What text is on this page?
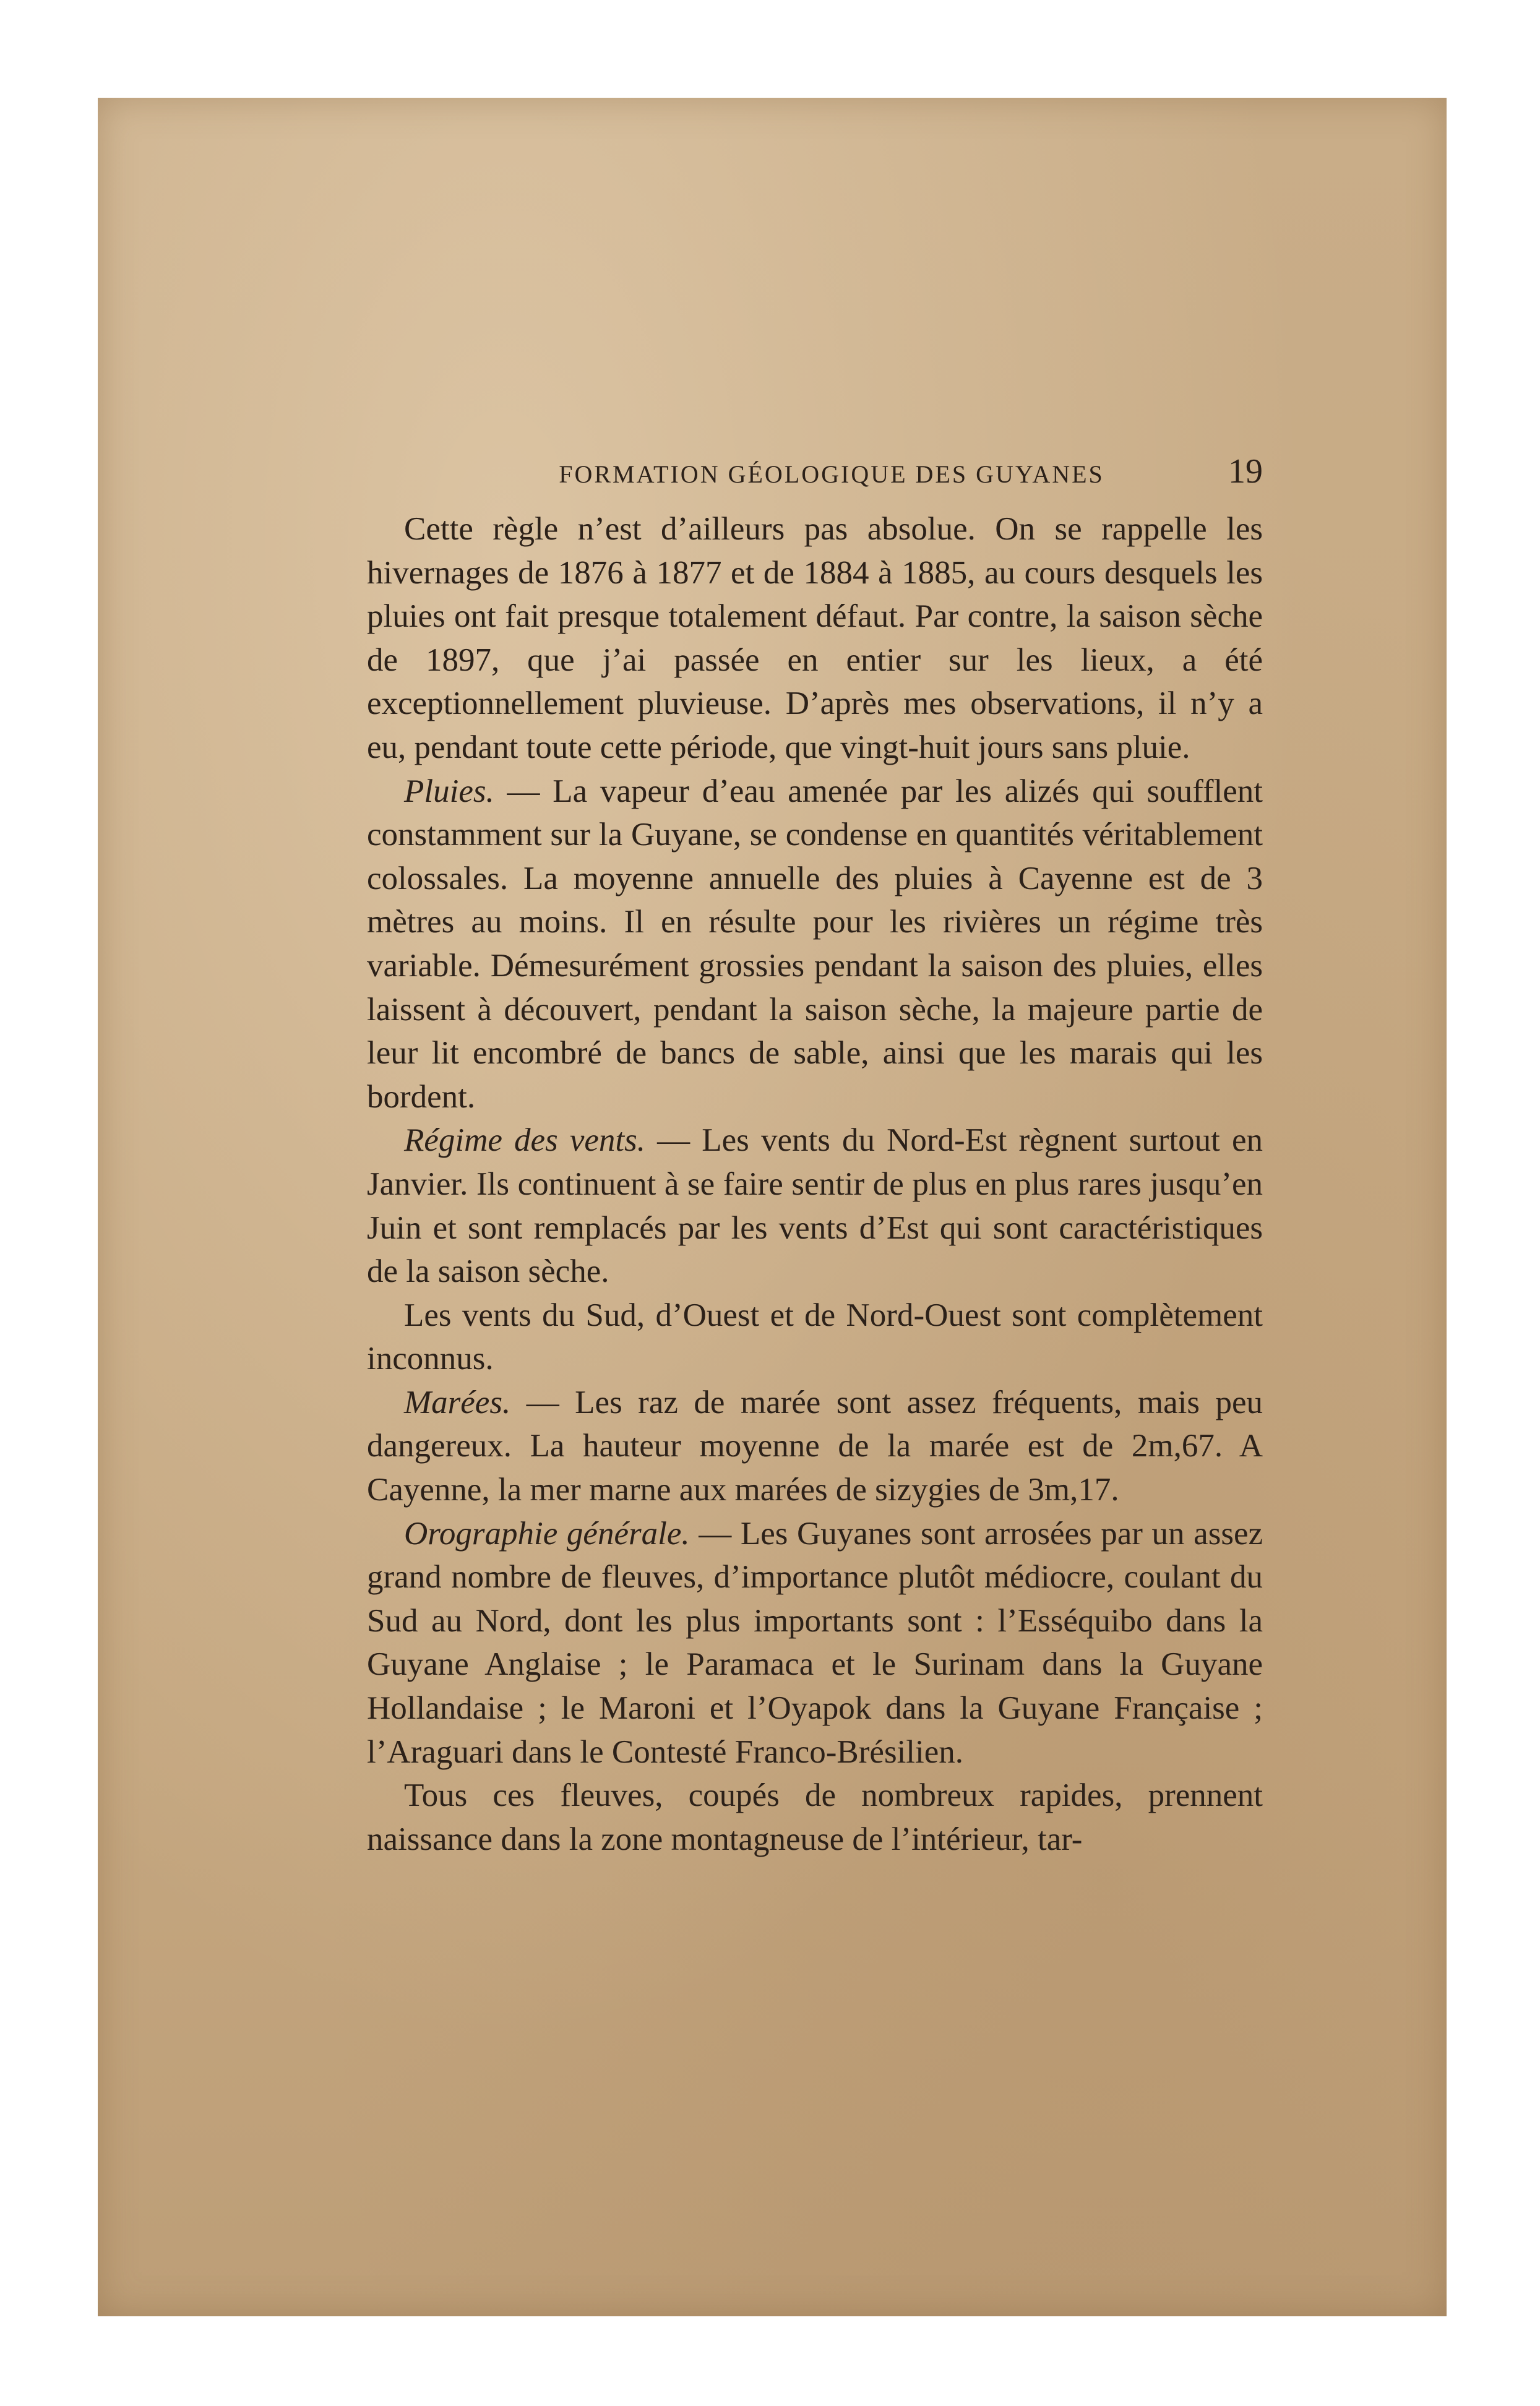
FORMATION GÉOLOGIQUE DES GUYANES	19

Cette règle n’est d’ailleurs pas absolue. On se rappelle les hivernages de 1876 à 1877 et de 1884 à 1885, au cours desquels les pluies ont fait presque totalement défaut. Par contre, la saison sèche de 1897, que j’ai passée en entier sur les lieux, a été exceptionnellement pluvieuse. D’après mes observations, il n’y a eu, pendant toute cette période, que vingt-huit jours sans pluie.

Pluies. — La vapeur d’eau amenée par les alizés qui soufflent constamment sur la Guyane, se condense en quantités véritablement colossales. La moyenne annuelle des pluies à Cayenne est de 3 mètres au moins. Il en résulte pour les rivières un régime très variable. Démesurément grossies pendant la saison des pluies, elles laissent à découvert, pendant la saison sèche, la majeure partie de leur lit encombré de bancs de sable, ainsi que les marais qui les bordent.

Régime des vents. — Les vents du Nord-Est règnent surtout en Janvier. Ils continuent à se faire sentir de plus en plus rares jusqu’en Juin et sont remplacés par les vents d’Est qui sont caractéristiques de la saison sèche.

Les vents du Sud, d’Ouest et de Nord-Ouest sont complètement inconnus.

Marées. — Les raz de marée sont assez fréquents, mais peu dangereux. La hauteur moyenne de la marée est de 2m,67. A Cayenne, la mer marne aux marées de sizygies de 3m,17.

Orographie générale. — Les Guyanes sont arrosées par un assez grand nombre de fleuves, d’importance plutôt médiocre, coulant du Sud au Nord, dont les plus importants sont : l’Esséquibo dans la Guyane Anglaise ; le Paramaca et le Surinam dans la Guyane Hollandaise ; le Maroni et l’Oyapok dans la Guyane Française ; l’Araguari dans le Contesté Franco-Brésilien.

Tous ces fleuves, coupés de nombreux rapides, prennent naissance dans la zone montagneuse de l’intérieur, tar-
